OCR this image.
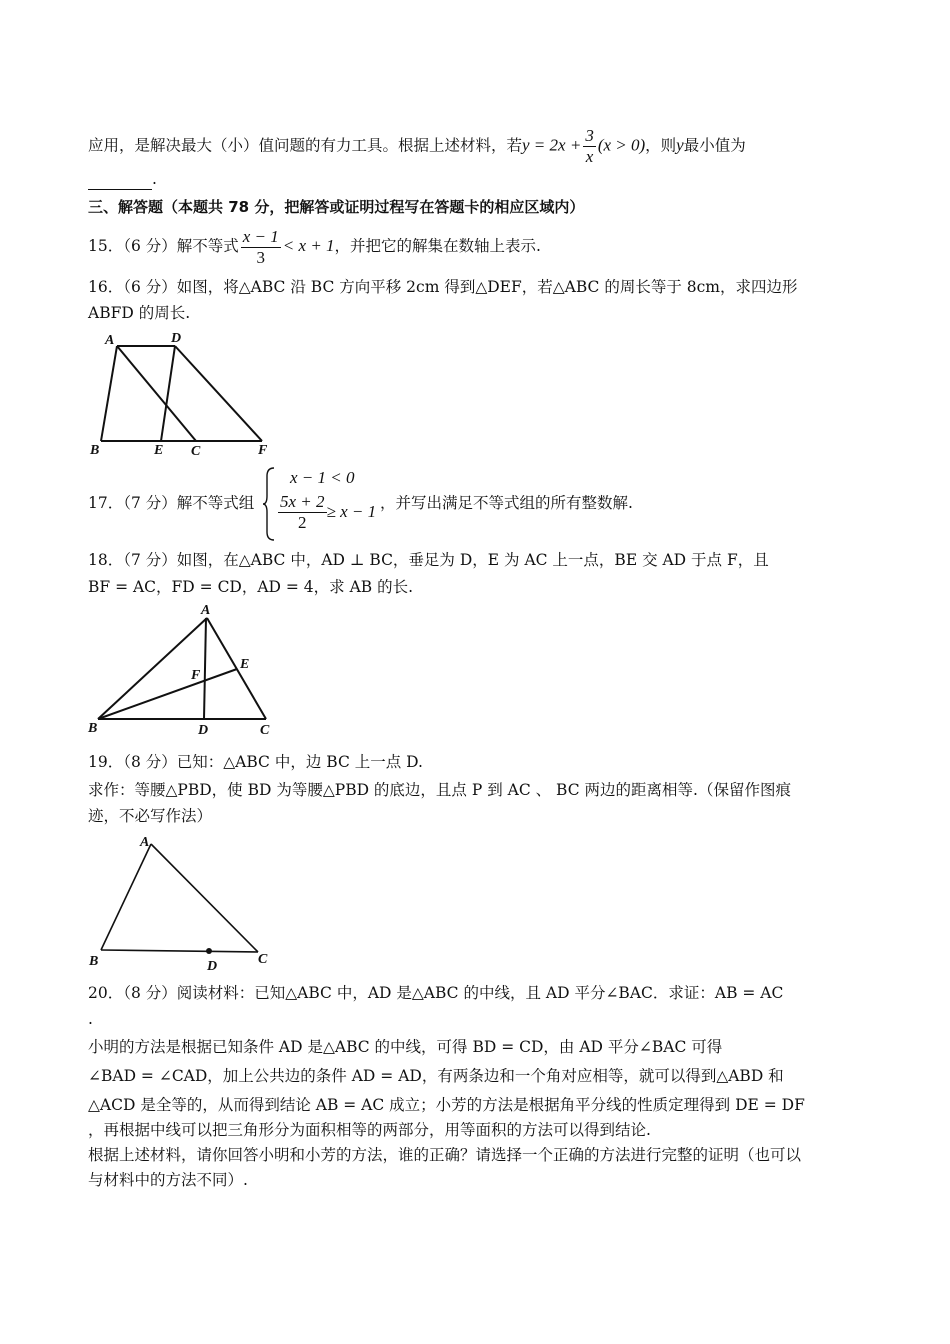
应用，是解决最大（小）值问题的有力工具。根据上述材料，若$y = 2x + \frac{3}{x} (x > 0)$，则y最小值为
.
三、解答题（本题共 78 分，把解答或证明过程写在答题卡的相应区域内）
15．（6 分）解不等式 $\frac{x - 1}{3} < x + 1$，并把它的解集在数轴上表示.
16．（6 分）如图，将△ABC 沿 BC 方向平移 2cm 得到△DEF，若△ABC 的周长等于 8cm，求四边形
ABFD 的周长.
A	D
B	E C	F
17．（7 分）解不等式组
x − 1 < 0
$\frac{5x + 2}{2} \ge x - 1$ ，并写出满足不等式组的所有整数解.
18．（7 分）如图，在△ABC 中，AD ⊥ BC，垂足为 D，E 为 AC 上一点，BE 交 AD 于点 F，且
BF = AC，FD = CD，AD = 4，求 AB 的长.
A
E
F
B	D	C
19．（8 分）已知：△ABC 中，边 BC 上一点 D.
求作：等腰△PBD，使 BD 为等腰△PBD 的底边，且点 P 到 AC 、 BC 两边的距离相等.（保留作图痕
迹，不必写作法）
A
B	D	C
20．（8 分）阅读材料：已知△ABC 中，AD 是△ABC 的中线，且 AD 平分∠BAC．求证：AB = AC
.
小明的方法是根据已知条件 AD 是△ABC 的中线，可得 BD = CD，由 AD 平分∠BAC 可得
∠BAD = ∠CAD，加上公共边的条件 AD = AD，有两条边和一个角对应相等，就可以得到△ABD 和
△ACD 是全等的，从而得到结论 AB = AC 成立；小芳的方法是根据角平分线的性质定理得到 DE = DF
，再根据中线可以把三角形分为面积相等的两部分，用等面积的方法可以得到结论.
根据上述材料，请你回答小明和小芳的方法，谁的正确？请选择一个正确的方法进行完整的证明（也可以
与材料中的方法不同）.
